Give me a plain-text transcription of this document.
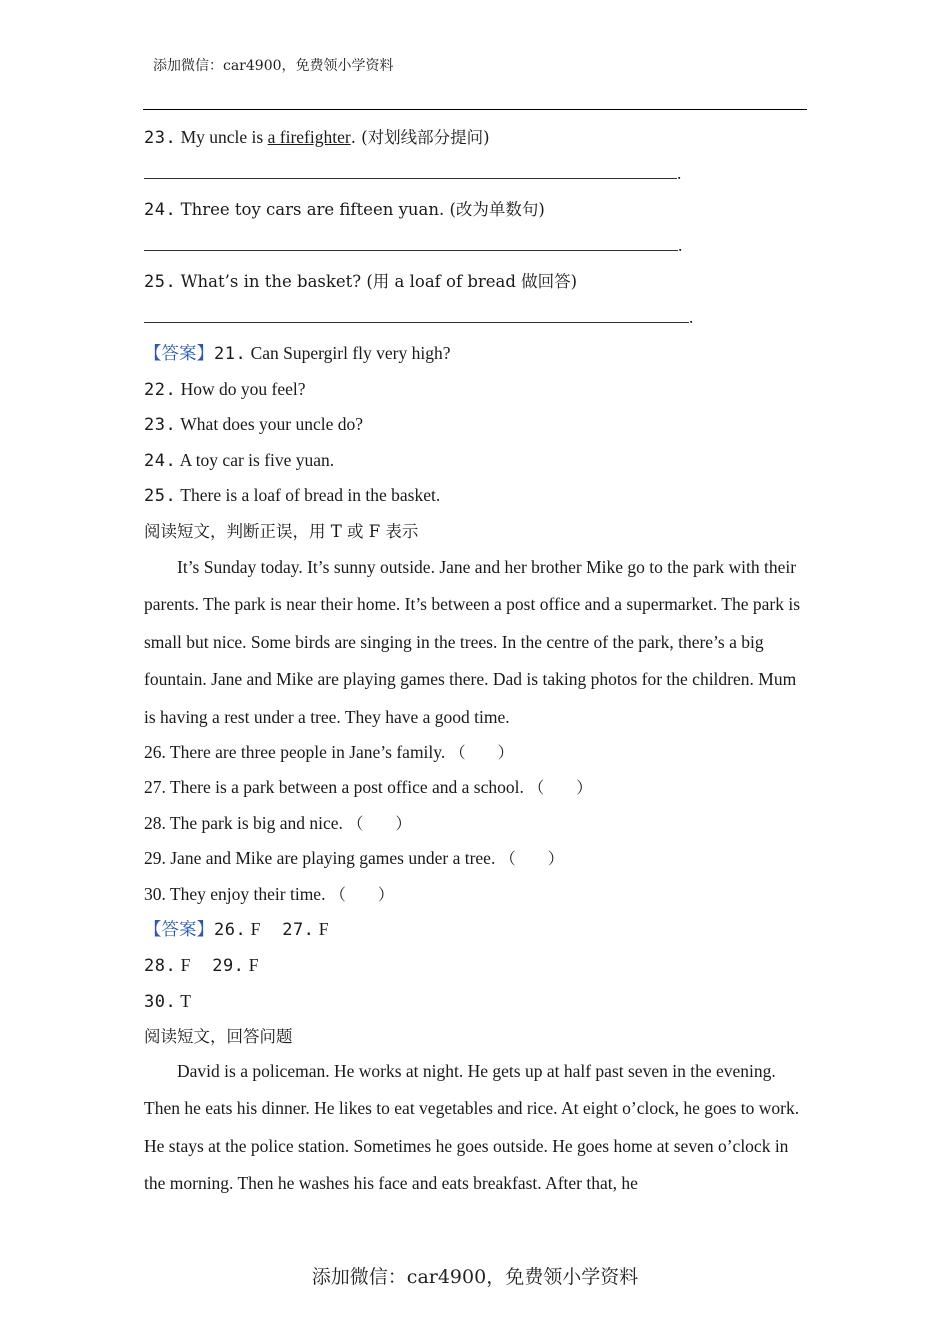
添加微信：car4900，免费领小学资料
23. My uncle is a firefighter. (对划线部分提问)
.
24. Three toy cars are fifteen yuan. (改为单数句)
.
25. What’s in the basket? (用 a loaf of bread 做回答)
.
【答案】21. Can Supergirl fly very high?
22. How do you feel?
23. What does your uncle do?
24. A toy car is five yuan.
25. There is a loaf of bread in the basket.
阅读短文，判断正误，用 T 或 F 表示
It’s Sunday today. It’s sunny outside. Jane and her brother Mike go to the park with their parents. The park is near their home. It’s between a post office and a supermarket. The park is small but nice. Some birds are singing in the trees. In the centre of the park, there’s a big fountain. Jane and Mike are playing games there. Dad is taking photos for the children. Mum is having a rest under a tree. They have a good time.
26. There are three people in Jane’s family. （　　）
27. There is a park between a post office and a school. （　　）
28. The park is big and nice. （　　）
29. Jane and Mike are playing games under a tree. （　　）
30. They enjoy their time. （　　）
【答案】26. F 27. F
28. F 29. F
30. T
阅读短文，回答问题
David is a policeman. He works at night. He gets up at half past seven in the evening. Then he eats his dinner. He likes to eat vegetables and rice. At eight o’clock, he goes to work. He stays at the police station. Sometimes he goes outside. He goes home at seven o’clock in the morning. Then he washes his face and eats breakfast. After that, he
添加微信：car4900，免费领小学资料
